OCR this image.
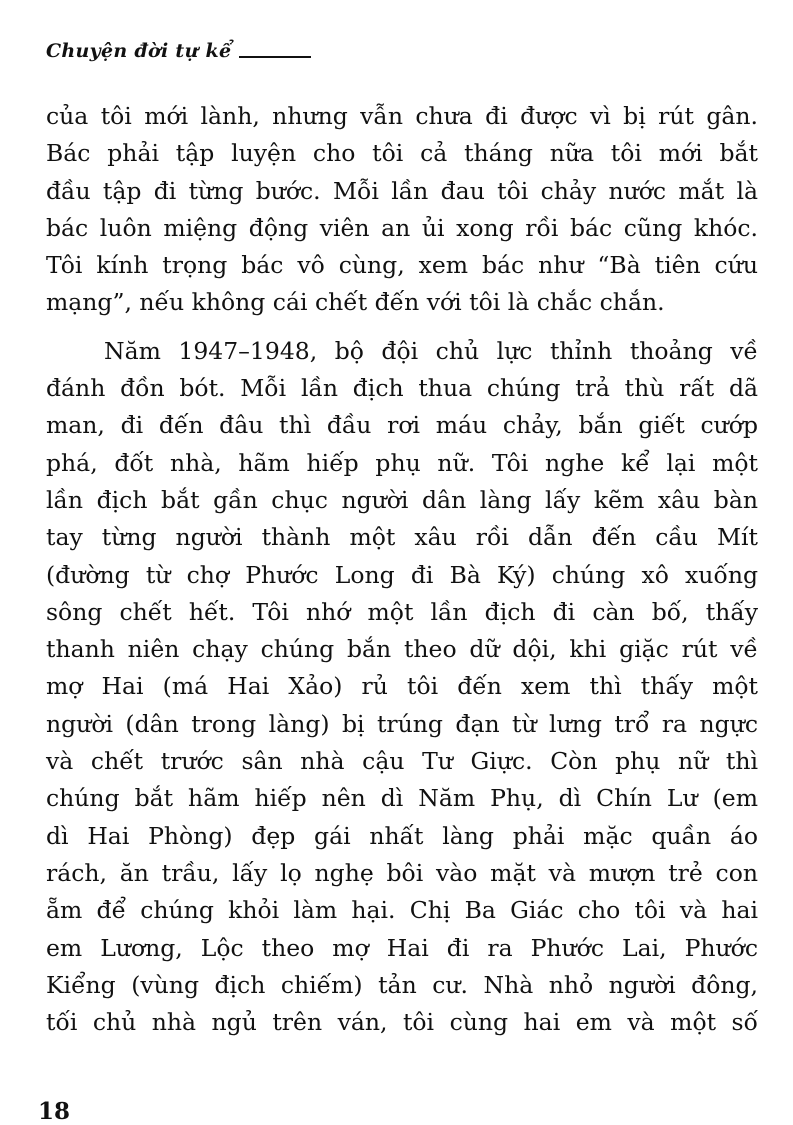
Chuyện đời tự kể

của tôi mới lành, nhưng vẫn chưa đi được vì bị rút gân.

Bác phải tập luyện cho tôi cả tháng nữa tôi mới bắt

đầu tập đi từng bước. Mỗi lần đau tôi chảy nước mắt là

bác luôn miệng động viên an ủi xong rồi bác cũng khóc.

Tôi kính trọng bác vô cùng, xem bác như “Bà tiên cứu

mạng”, nếu không cái chết đến với tôi là chắc chắn.

Năm 1947–1948, bộ đội chủ lực thỉnh thoảng về

đánh đồn bót. Mỗi lần địch thua chúng trả thù rất dã

man, đi đến đâu thì đầu rơi máu chảy, bắn giết cướp

phá, đốt nhà, hãm hiếp phụ nữ. Tôi nghe kể lại một

lần địch bắt gần chục người dân làng lấy kẽm xâu bàn

tay từng người thành một xâu rồi dẫn đến cầu Mít

(đường từ chợ Phước Long đi Bà Ký) chúng xô xuống

sông chết hết. Tôi nhớ một lần địch đi càn bố, thấy

thanh niên chạy chúng bắn theo dữ dội, khi giặc rút về

mợ Hai (má Hai Xảo) rủ tôi đến xem thì thấy một

người (dân trong làng) bị trúng đạn từ lưng trổ ra ngực

và chết trước sân nhà cậu Tư Giực. Còn phụ nữ thì

chúng bắt hãm hiếp nên dì Năm Phụ, dì Chín Lư (em

dì Hai Phòng) đẹp gái nhất làng phải mặc quần áo

rách, ăn trầu, lấy lọ nghẹ bôi vào mặt và mượn trẻ con

ẵm để chúng khỏi làm hại. Chị Ba Giác cho tôi và hai

em Lương, Lộc theo mợ Hai đi ra Phước Lai, Phước

Kiểng (vùng địch chiếm) tản cư. Nhà nhỏ người đông,

tối chủ nhà ngủ trên ván, tôi cùng hai em và một số

18
